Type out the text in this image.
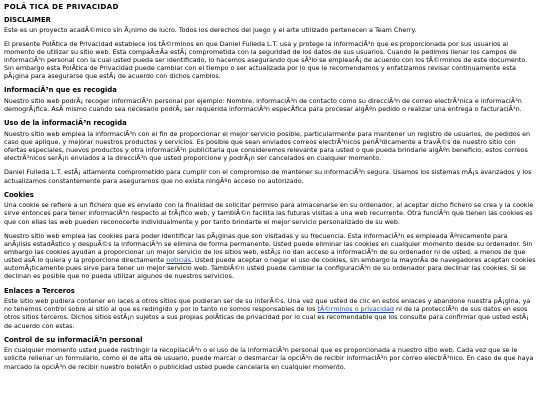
POLÃ TICA DE PRIVACIDAD
DISCLAIMER

Este es un proyecto acadÃ©mico sin Ã¡nimo de lucro. Todos los derechos del juego y el arte utilizado pertenecen a Team Cherry.

El presente PolÃtica de Privacidad establece los tÃ©rminos en que Daniel Fulleda L.T. usa y protege la informaciÃ³n que es proporcionada por sus usuarios al momento de utilizar su sitio web. Esta compaÃ±Ãa estÃ¡ comprometida con la seguridad de los datos de sus usuarios. Cuando le pedimos llenar los campos de informaciÃ³n personal con la cual usted pueda ser identificado, lo hacemos asegurando que sÃ³lo se emplearÃ¡ de acuerdo con los tÃ©rminos de este documento. Sin embargo esta PolÃtica de Privacidad puede cambiar con el tiempo o ser actualizada por lo que le recomendamos y enfatizamos revisar continuamente esta pÃ¡gina para asegurarse que estÃ¡ de acuerdo con dichos cambios.

InformaciÃ³n que es recogida

Nuestro sitio web podrÃ¡ recoger informaciÃ³n personal por ejemplo: Nombre, informaciÃ³n de contacto como su direcciÃ³n de correo electrÃ³nica e informaciÃ³n demogrÃ¡fica. AsÃ mismo cuando sea necesario podrÃ¡ ser requerida informaciÃ³n especÃfica para procesar algÃºn pedido o realizar una entrega o facturaciÃ³n.

Uso de la informaciÃ³n recogida

Nuestro sitio web emplea la informaciÃ³n con el fin de proporcionar el mejor servicio posible, particularmente para mantener un registro de usuarios, de pedidos en caso que aplique, y mejorar nuestros productos y servicios. Es posible que sean enviados correos electrÃ³nicos periÃ³dicamente a travÃ©s de nuestro sitio con ofertas especiales, nuevos productos y otra informaciÃ³n publicitaria que consideremos relevante para usted o que pueda brindarle algÃºn beneficio, estos correos electrÃ³nicos serÃ¡n enviados a la direcciÃ³n que usted proporcione y podrÃ¡n ser cancelados en cualquier momento.

Daniel Fulleda L.T. estÃ¡ altamente comprometido para cumplir con el compromiso de mantener su informaciÃ³n segura. Usamos los sistemas mÃ¡s avanzados y los actualizamos constantemente para asegurarnos que no exista ningÃºn acceso no autorizado.

Cookies

Una cookie se refiere a un fichero que es enviado con la finalidad de solicitar permiso para almacenarse en su ordenador, al aceptar dicho fichero se crea y la cookie sirve entonces para tener informaciÃ³n respecto al trÃ¡fico web, y tambiÃ©n facilita las futuras visitas a una web recurrente. Otra funciÃ³n que tienen las cookies es que con ellas las web pueden reconocerte individualmente y por tanto brindarte el mejor servicio personalizado de su web.

Nuestro sitio web emplea las cookies para poder identificar las pÃ¡ginas que son visitadas y su frecuencia. Esta informaciÃ³n es empleada Ãºnicamente para anÃ¡lisis estadÃstico y despuÃ©s la informaciÃ³n se elimina de forma permanente. Usted puede eliminar las cookies en cualquier momento desde su ordenador. Sin embargo las cookies ayudan a proporcionar un mejor servicio de los sitios web, estÃ¡s no dan acceso a informaciÃ³n de su ordenador ni de usted, a menos de que usted asÃ lo quiera y la proporcione directamente noticias. Usted puede aceptar o negar el uso de cookies, sin embargo la mayorÃa de navegadores aceptan cookies automÃ¡ticamente pues sirve para tener un mejor servicio web. TambiÃ©n usted puede cambiar la configuraciÃ³n de su ordenador para declinar las cookies. Si se declinan es posible que no pueda utilizar algunos de nuestros servicios.

Enlaces a Terceros

Este sitio web pudiera contener en laces a otros sitios que pudieran ser de su interÃ©s. Una vez que usted de clic en estos enlaces y abandone nuestra pÃ¡gina, ya no tenemos control sobre al sitio al que es redirigido y por lo tanto no somos responsables de los tÃ©rminos o privacidad ni de la protecciÃ³n de sus datos en esos otros sitios terceros. Dichos sitios estÃ¡n sujetos a sus propias polÃticas de privacidad por lo cual es recomendable que los consulte para confirmar que usted estÃ¡ de acuerdo con estas.

Control de su informaciÃ³n personal

En cualquier momento usted puede restringir la recopilaciÃ³n o el uso de la informaciÃ³n personal que es proporcionada a nuestro sitio web. Cada vez que se le solicite rellenar un formulario, como el de alta de usuario, puede marcar o desmarcar la opciÃ³n de recibir informaciÃ³n por correo electrÃ³nico. En caso de que haya marcado la opciÃ³n de recibir nuestro boletÃn o publicidad usted puede cancelarla en cualquier momento.
